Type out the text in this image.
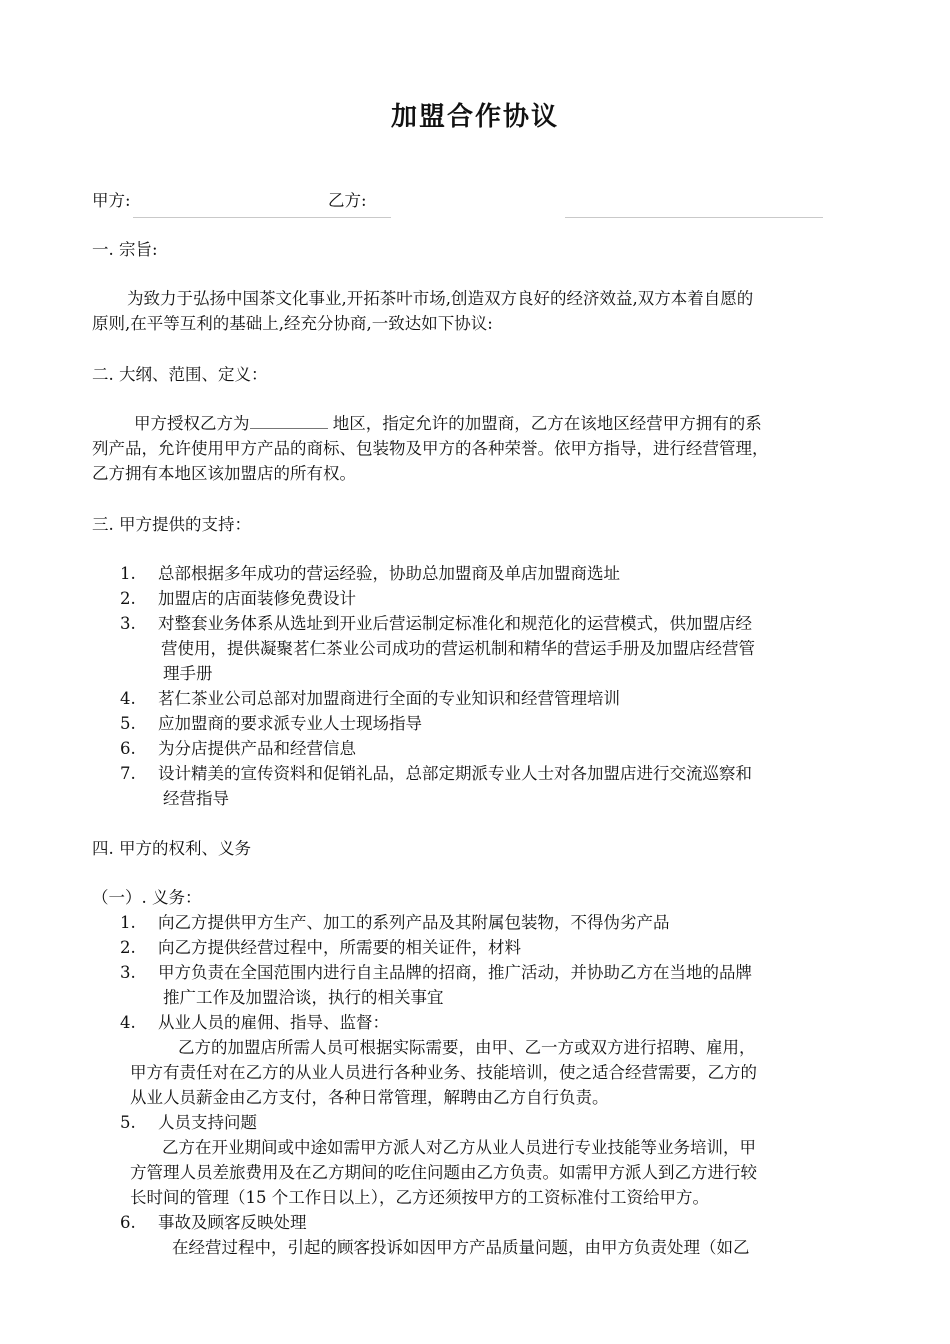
加盟合作协议
甲方:	乙方:
一. 宗旨:
为致力于弘扬中国茶文化事业,开拓茶叶市场,创造双方良好的经济效益,双方本着自愿的
原则,在平等互利的基础上,经充分协商,一致达如下协议:
二. 大纲、范围、定义：
甲方授权乙方为	地区，指定允许的加盟商，乙方在该地区经营甲方拥有的系
列产品，允许使用甲方产品的商标、包装物及甲方的各种荣誉。依甲方指导，进行经营管理，
乙方拥有本地区该加盟店的所有权。
三. 甲方提供的支持：
1. 总部根据多年成功的营运经验，协助总加盟商及单店加盟商选址
2. 加盟店的店面装修免费设计
3. 对整套业务体系从选址到开业后营运制定标准化和规范化的运营模式，供加盟店经
营使用，提供凝聚茗仁茶业公司成功的营运机制和精华的营运手册及加盟店经营管
理手册
4. 茗仁茶业公司总部对加盟商进行全面的专业知识和经营管理培训
5. 应加盟商的要求派专业人士现场指导
6. 为分店提供产品和经营信息
7. 设计精美的宣传资料和促销礼品，总部定期派专业人士对各加盟店进行交流巡察和
经营指导
四. 甲方的权利、义务
（一）. 义务：
1. 向乙方提供甲方生产、加工的系列产品及其附属包装物，不得伪劣产品
2. 向乙方提供经营过程中，所需要的相关证件，材料
3. 甲方负责在全国范围内进行自主品牌的招商，推广活动，并协助乙方在当地的品牌
推广工作及加盟洽谈，执行的相关事宜
4. 从业人员的雇佣、指导、监督：
乙方的加盟店所需人员可根据实际需要，由甲、乙一方或双方进行招聘、雇用，
甲方有责任对在乙方的从业人员进行各种业务、技能培训，使之适合经营需要，乙方的
从业人员薪金由乙方支付，各种日常管理，解聘由乙方自行负责。
5. 人员支持问题
乙方在开业期间或中途如需甲方派人对乙方从业人员进行专业技能等业务培训，甲
方管理人员差旅费用及在乙方期间的吃住问题由乙方负责。如需甲方派人到乙方进行较
长时间的管理（15 个工作日以上），乙方还须按甲方的工资标准付工资给甲方。
6. 事故及顾客反映处理
在经营过程中，引起的顾客投诉如因甲方产品质量问题，由甲方负责处理（如乙
